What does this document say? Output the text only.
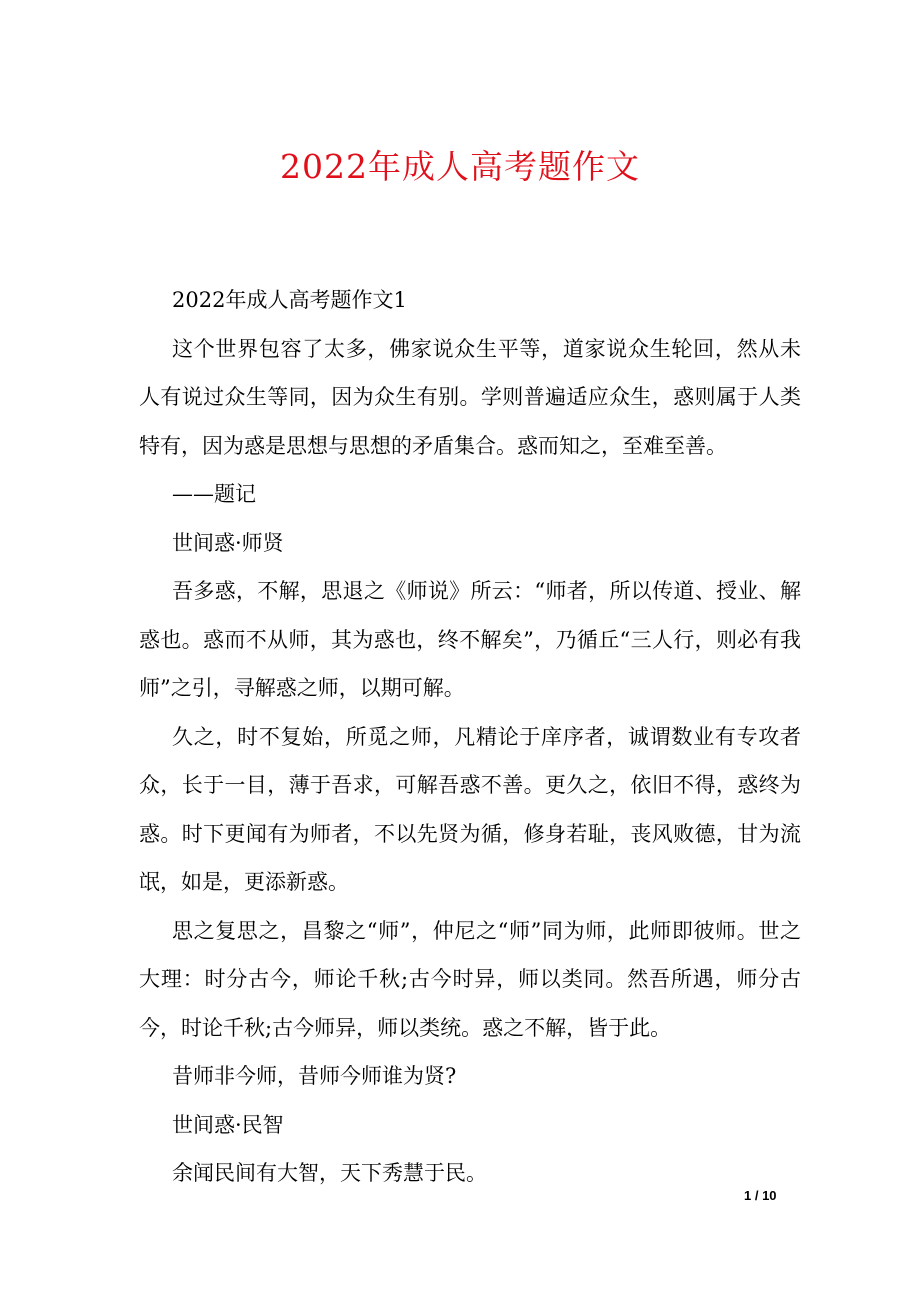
2022年成人高考题作文

2022年成人高考题作文1

这个世界包容了太多，佛家说众生平等，道家说众生轮回，然从未人有说过众生等同，因为众生有别。学则普遍适应众生，惑则属于人类特有，因为惑是思想与思想的矛盾集合。惑而知之，至难至善。

——题记

世间惑·师贤

吾多惑，不解，思退之《师说》所云：“师者，所以传道、授业、解惑也。惑而不从师，其为惑也，终不解矣”，乃循丘“三人行，则必有我师”之引，寻解惑之师，以期可解。

久之，时不复始，所觅之师，凡精论于庠序者，诚谓数业有专攻者众，长于一目，薄于吾求，可解吾惑不善。更久之，依旧不得，惑终为惑。时下更闻有为师者，不以先贤为循，修身若耻，丧风败德，甘为流氓，如是，更添新惑。

思之复思之，昌黎之“师”，仲尼之“师”同为师，此师即彼师。世之大理：时分古今，师论千秋;古今时异，师以类同。然吾所遇，师分古今，时论千秋;古今师异，师以类统。惑之不解，皆于此。

昔师非今师，昔师今师谁为贤?

世间惑·民智

余闻民间有大智，天下秀慧于民。

1 / 10
